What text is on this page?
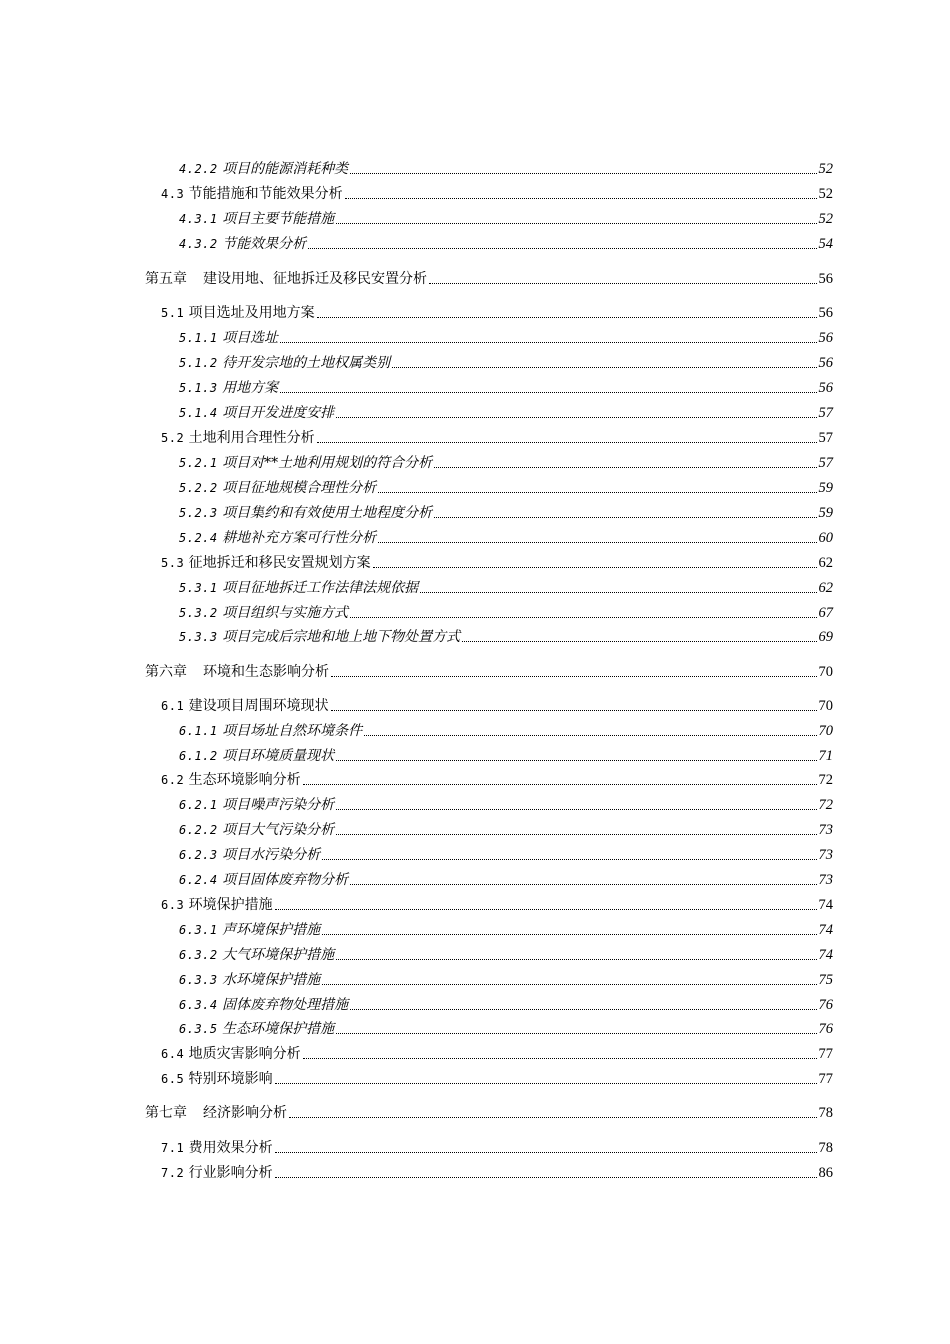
4.2.2 项目的能源消耗种类	52
4.3 节能措施和节能效果分析	52
4.3.1 项目主要节能措施	52
4.3.2 节能效果分析	54
第五章 建设用地、征地拆迁及移民安置分析	56
5.1 项目选址及用地方案	56
5.1.1 项目选址	56
5.1.2 待开发宗地的土地权属类别	56
5.1.3 用地方案	56
5.1.4 项目开发进度安排	57
5.2 土地利用合理性分析	57
5.2.1 项目对**土地利用规划的符合分析	57
5.2.2 项目征地规模合理性分析	59
5.2.3 项目集约和有效使用土地程度分析	59
5.2.4 耕地补充方案可行性分析	60
5.3 征地拆迁和移民安置规划方案	62
5.3.1 项目征地拆迁工作法律法规依据	62
5.3.2 项目组织与实施方式	67
5.3.3 项目完成后宗地和地上地下物处置方式	69
第六章 环境和生态影响分析	70
6.1 建设项目周围环境现状	70
6.1.1 项目场址自然环境条件	70
6.1.2 项目环境质量现状	71
6.2 生态环境影响分析	72
6.2.1 项目噪声污染分析	72
6.2.2 项目大气污染分析	73
6.2.3 项目水污染分析	73
6.2.4 项目固体废弃物分析	73
6.3 环境保护措施	74
6.3.1 声环境保护措施	74
6.3.2 大气环境保护措施	74
6.3.3 水环境保护措施	75
6.3.4 固体废弃物处理措施	76
6.3.5 生态环境保护措施	76
6.4 地质灾害影响分析	77
6.5 特别环境影响	77
第七章 经济影响分析	78
7.1 费用效果分析	78
7.2 行业影响分析	86
